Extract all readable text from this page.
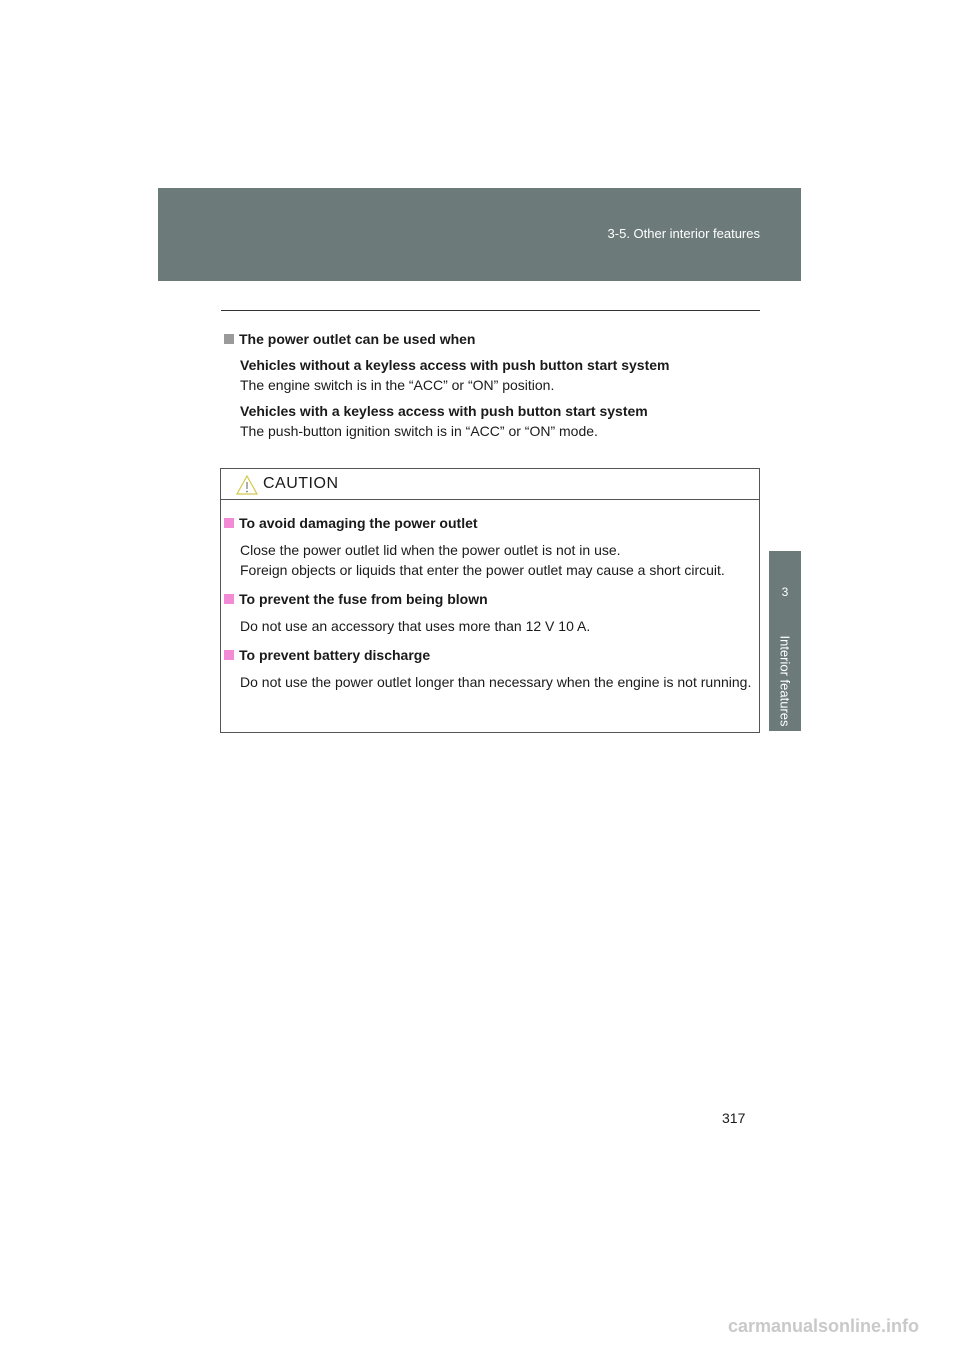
3-5. Other interior features
3
Interior features
The power outlet can be used when
Vehicles without a keyless access with push button start system
The engine switch is in the “ACC” or “ON” position.
Vehicles with a keyless access with push button start system
The push-button ignition switch is in “ACC” or “ON” mode.
CAUTION
To avoid damaging the power outlet
Close the power outlet lid when the power outlet is not in use.
Foreign objects or liquids that enter the power outlet may cause a short circuit.
To prevent the fuse from being blown
Do not use an accessory that uses more than 12 V 10 A.
To prevent battery discharge
Do not use the power outlet longer than necessary when the engine is not running.
317
carmanualsonline.info
